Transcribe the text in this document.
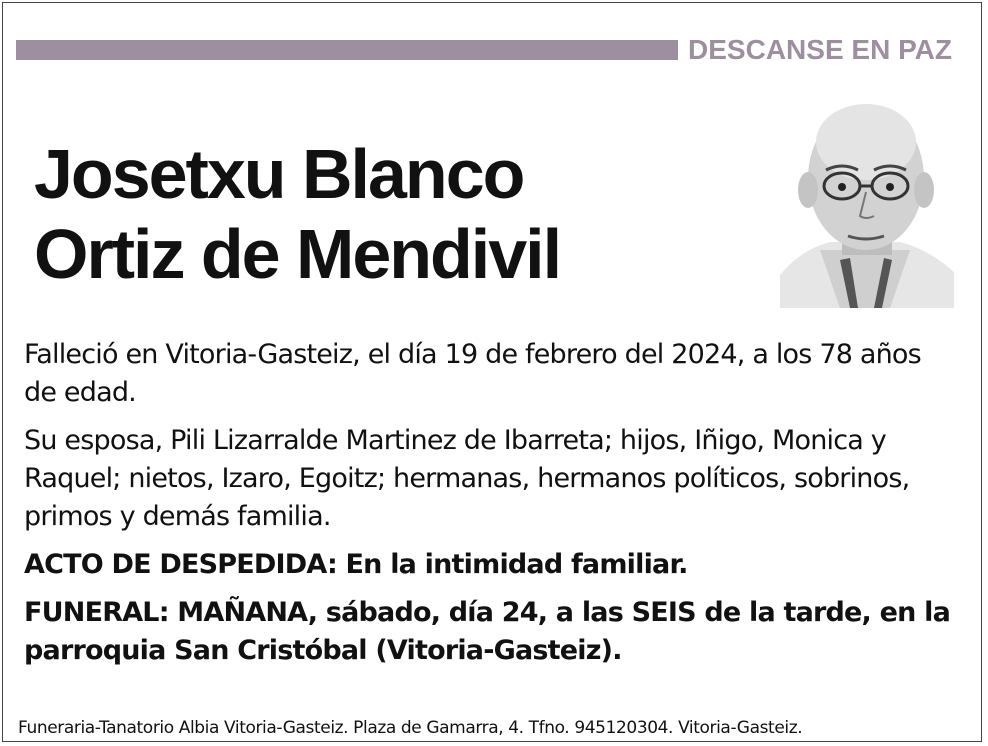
DESCANSE EN PAZ
Josetxu Blanco
Ortiz de Mendivil

Falleció en Vitoria-Gasteiz, el día 19 de febrero del 2024, a los 78 años de edad.

Su esposa, Pili Lizarralde Martinez de Ibarreta; hijos, Iñigo, Monica y Raquel; nietos, Izaro, Egoitz; hermanas, hermanos políticos, sobrinos, primos y demás familia.

ACTO DE DESPEDIDA: En la intimidad familiar.

FUNERAL: MAÑANA, sábado, día 24, a las SEIS de la tarde, en la parroquia San Cristóbal (Vitoria-Gasteiz).

Funeraria-Tanatorio Albia Vitoria-Gasteiz. Plaza de Gamarra, 4. Tfno. 945120304. Vitoria-Gasteiz.
